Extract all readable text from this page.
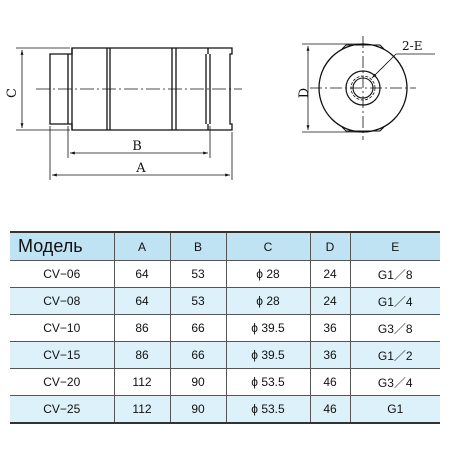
C
B
A
D
2-E
Модель	A	B	C	D	E
CV−06	64	53	ϕ 28	24	G1／8
CV−08	64	53	ϕ 28	24	G1／4
CV−10	86	66	ϕ 39.5	36	G3／8
CV−15	86	66	ϕ 39.5	36	G1／2
CV−20	112	90	ϕ 53.5	46	G3／4
CV−25	112	90	ϕ 53.5	46	G1
